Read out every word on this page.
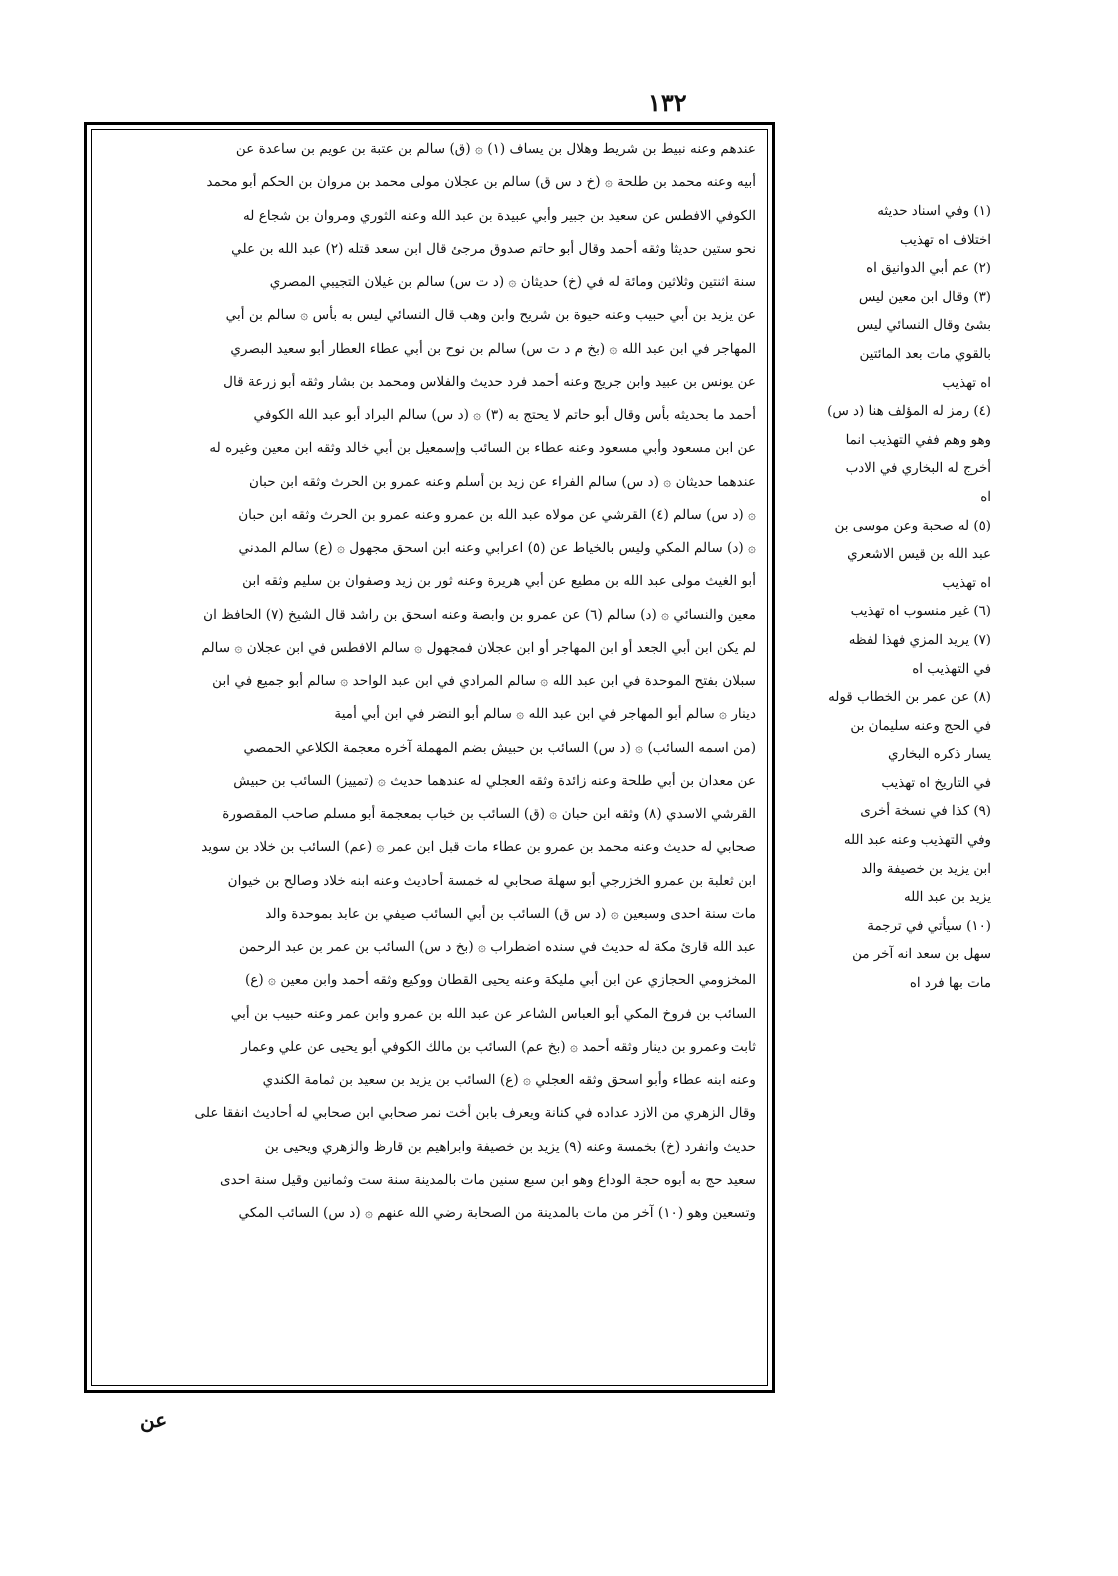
١٣٢
عندهم وعنه نبيط بن شريط وهلال بن يساف (١) ۞ (ق) سالم بن عتبة بن عويم بن ساعدة عن
أبيه وعنه محمد بن طلحة ۞ (خ د س ق) سالم بن عجلان مولى محمد بن مروان بن الحكم أبو محمد
الكوفي الافطس عن سعيد بن جبير وأبي عبيدة بن عبد الله وعنه الثوري ومروان بن شجاع له
نحو ستين حديثا وثقه أحمد وقال أبو حاتم صدوق مرجئ قال ابن سعد قتله (٢) عبد الله بن علي
سنة اثنتين وثلاثين ومائة له في (خ) حديثان ۞ (د ت س) سالم بن غيلان التجيبي المصري
عن يزيد بن أبي حبيب وعنه حيوة بن شريح وابن وهب قال النسائي ليس به بأس ۞ سالم بن أبي
المهاجر في ابن عبد الله ۞ (بخ م د ت س) سالم بن نوح بن أبي عطاء العطار أبو سعيد البصري
عن يونس بن عبيد وابن جريج وعنه أحمد فرد حديث والفلاس ومحمد بن بشار وثقه أبو زرعة قال
أحمد ما بحديثه بأس وقال أبو حاتم لا يحتج به (٣) ۞ (د س) سالم البراد أبو عبد الله الكوفي
عن ابن مسعود وأبي مسعود وعنه عطاء بن السائب وإسمعيل بن أبي خالد وثقه ابن معين وغيره له
عندهما حديثان ۞ (د س) سالم الفراء عن زيد بن أسلم وعنه عمرو بن الحرث وثقه ابن حبان
۞ (د س) سالم (٤) القرشي عن مولاه عبد الله بن عمرو وعنه عمرو بن الحرث وثقه ابن حبان
۞ (د) سالم المكي وليس بالخياط عن (٥) اعرابي وعنه ابن اسحق مجهول ۞ (ع) سالم المدني
أبو الغيث مولى عبد الله بن مطيع عن أبي هريرة وعنه ثور بن زيد وصفوان بن سليم وثقه ابن
معين والنسائي ۞ (د) سالم (٦) عن عمرو بن وابصة وعنه اسحق بن راشد قال الشيخ (٧) الحافظ ان
لم يكن ابن أبي الجعد أو ابن المهاجر أو ابن عجلان فمجهول ۞ سالم الافطس في ابن عجلان ۞ سالم
سبلان بفتح الموحدة في ابن عبد الله ۞ سالم المرادي في ابن عبد الواحد ۞ سالم أبو جميع في ابن
دينار ۞ سالم أبو المهاجر في ابن عبد الله ۞ سالم أبو النضر في ابن أبي أمية
(من اسمه السائب) ۞ (د س) السائب بن حبيش بضم المهملة آخره معجمة الكلاعي الحمصي
عن معدان بن أبي طلحة وعنه زائدة وثقه العجلي له عندهما حديث ۞ (تمييز) السائب بن حبيش
القرشي الاسدي (٨) وثقه ابن حبان ۞ (ق) السائب بن خباب بمعجمة أبو مسلم صاحب المقصورة
صحابي له حديث وعنه محمد بن عمرو بن عطاء مات قبل ابن عمر ۞ (عم) السائب بن خلاد بن سويد
ابن ثعلبة بن عمرو الخزرجي أبو سهلة صحابي له خمسة أحاديث وعنه ابنه خلاد وصالح بن خيوان
مات سنة احدى وسبعين ۞ (د س ق) السائب بن أبي السائب صيفي بن عابد بموحدة والد
عبد الله قارئ مكة له حديث في سنده اضطراب ۞ (بخ د س) السائب بن عمر بن عبد الرحمن
المخزومي الحجازي عن ابن أبي مليكة وعنه يحيى القطان ووكيع وثقه أحمد وابن معين ۞ (ع)
السائب بن فروخ المكي أبو العباس الشاعر عن عبد الله بن عمرو وابن عمر وعنه حبيب بن أبي
ثابت وعمرو بن دينار وثقه أحمد ۞ (بخ عم) السائب بن مالك الكوفي أبو يحيى عن علي وعمار
وعنه ابنه عطاء وأبو اسحق وثقه العجلي ۞ (ع) السائب بن يزيد بن سعيد بن ثمامة الكندي
وقال الزهري من الازد عداده في كنانة ويعرف بابن أخت نمر صحابي ابن صحابي له أحاديث انفقا على
حديث وانفرد (خ) بخمسة وعنه (٩) يزيد بن خصيفة وابراهيم بن قارظ والزهري ويحيى بن
سعيد حج به أبوه حجة الوداع وهو ابن سبع سنين مات بالمدينة سنة ست وثمانين وقيل سنة احدى
وتسعين وهو (١٠) آخر من مات بالمدينة من الصحابة رضي الله عنهم ۞ (د س) السائب المكي
(١) وفي اسناد حديثه
اختلاف اه تهذيب
(٢) عم أبي الدوانيق اه
(٣) وقال ابن معين ليس
بشئ وقال النسائي ليس
بالقوي مات بعد المائتين
اه تهذيب
(٤) رمز له المؤلف هنا (د س)
وهو وهم ففي التهذيب انما
أخرج له البخاري في الادب
اه
(٥) له صحبة وعن موسى بن
عبد الله بن قيس الاشعري
اه تهذيب
(٦) غير منسوب اه تهذيب
(٧) يريد المزي فهذا لفظه
في التهذيب اه
(٨) عن عمر بن الخطاب قوله
في الحج وعنه سليمان بن
يسار ذكره البخاري
في التاريخ اه تهذيب
(٩) كذا في نسخة أخرى
وفي التهذيب وعنه عبد الله
ابن يزيد بن خصيفة والد
يزيد بن عبد الله
(١٠) سيأتي في ترجمة
سهل بن سعد انه آخر من
مات بها فرد اه
عن
